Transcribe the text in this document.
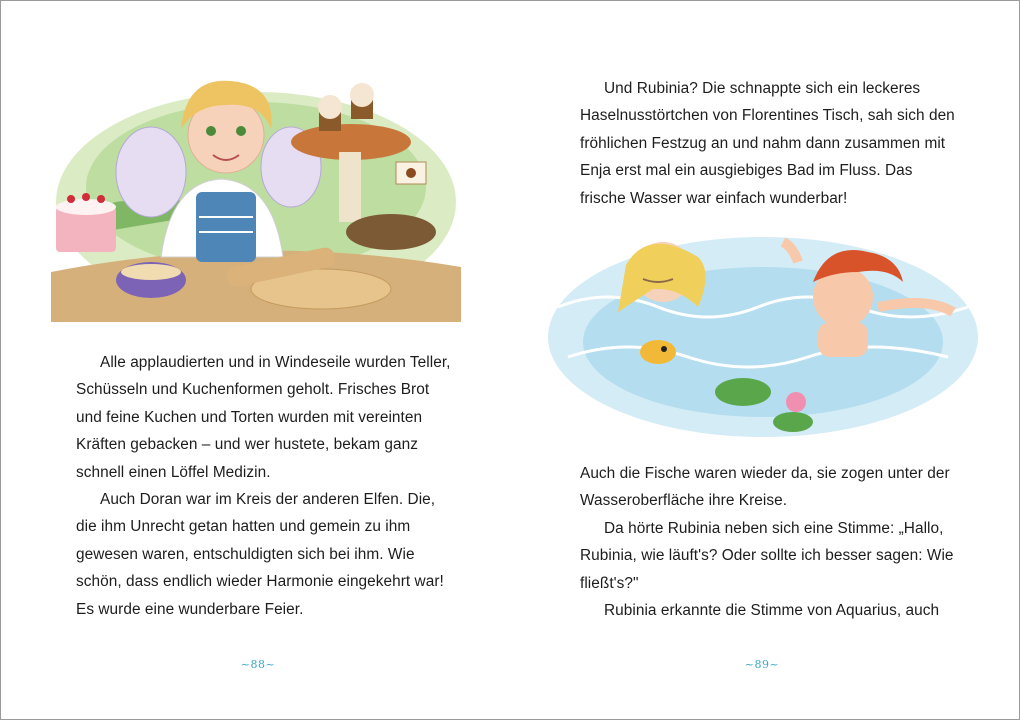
Alle applaudierten und in Windeseile wurden Teller, Schüsseln und Kuchenformen geholt. Frisches Brot und feine Kuchen und Torten wurden mit vereinten Kräften gebacken – und wer hustete, bekam ganz schnell einen Löffel Medizin.

Auch Doran war im Kreis der anderen Elfen. Die, die ihm Unrecht getan hatten und gemein zu ihm gewesen waren, entschuldigten sich bei ihm. Wie schön, dass endlich wieder Harmonie eingekehrt war! Es wurde eine wunderbare Feier.

~88~

Und Rubinia? Die schnappte sich ein leckeres Haselnusstörtchen von Florentines Tisch, sah sich den fröhlichen Festzug an und nahm dann zusammen mit Enja erst mal ein ausgiebiges Bad im Fluss. Das frische Wasser war einfach wunderbar!

Auch die Fische waren wieder da, sie zogen unter der Wasseroberfläche ihre Kreise.

Da hörte Rubinia neben sich eine Stimme: „Hallo, Rubinia, wie läuft's? Oder sollte ich besser sagen: Wie fließt's?"

Rubinia erkannte die Stimme von Aquarius, auch

~89~
